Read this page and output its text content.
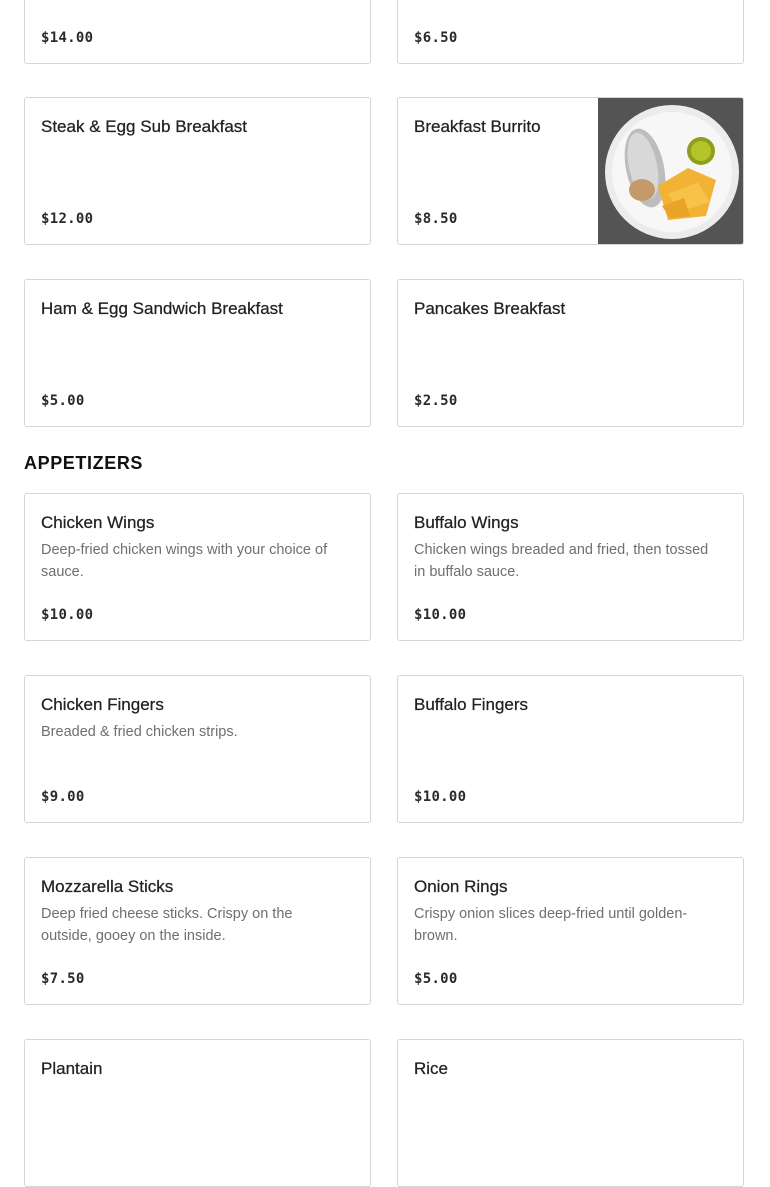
$14.00	$6.50
Steak & Egg Sub Breakfast
$12.00
Breakfast Burrito
$8.50
Ham & Egg Sandwich Breakfast
$5.00
Pancakes Breakfast
$2.50
APPETIZERS
Chicken Wings
Deep-fried chicken wings with your choice of sauce.
$10.00
Buffalo Wings
Chicken wings breaded and fried, then tossed in buffalo sauce.
$10.00
Chicken Fingers
Breaded & fried chicken strips.
$9.00
Buffalo Fingers
$10.00
Mozzarella Sticks
Deep fried cheese sticks. Crispy on the outside, gooey on the inside.
$7.50
Onion Rings
Crispy onion slices deep-fried until golden-brown.
$5.00
Plantain	Rice
